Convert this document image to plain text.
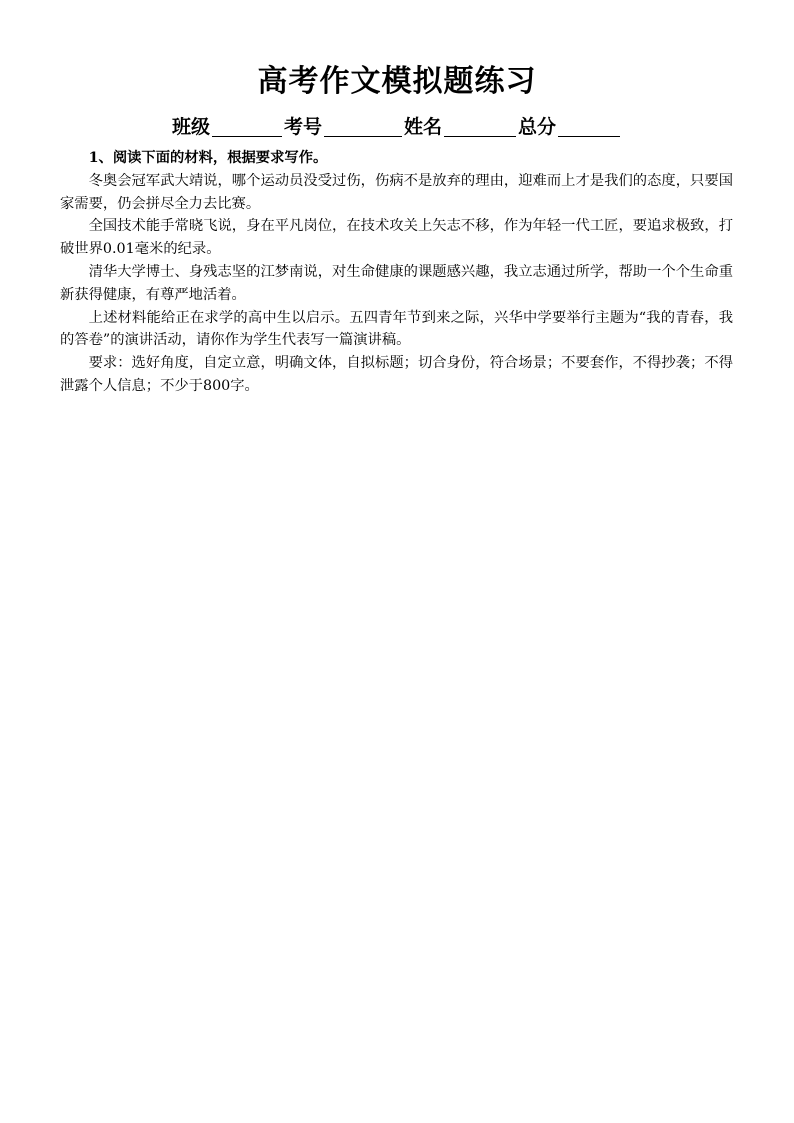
高考作文模拟题练习
班级	考号	姓名	总分

1、阅读下面的材料，根据要求写作。

冬奥会冠军武大靖说，哪个运动员没受过伤，伤病不是放弃的理由，迎难而上才是我们的态度，只要国家需要，仍会拼尽全力去比赛。

全国技术能手常晓飞说，身在平凡岗位，在技术攻关上矢志不移，作为年轻一代工匠，要追求极致，打破世界0.01毫米的纪录。

清华大学博士、身残志坚的江梦南说，对生命健康的课题感兴趣，我立志通过所学，帮助一个个生命重新获得健康，有尊严地活着。

上述材料能给正在求学的高中生以启示。五四青年节到来之际，兴华中学要举行主题为“我的青春，我的答卷”的演讲活动，请你作为学生代表写一篇演讲稿。

要求：选好角度，自定立意，明确文体，自拟标题；切合身份，符合场景；不要套作，不得抄袭；不得泄露个人信息；不少于800字。
